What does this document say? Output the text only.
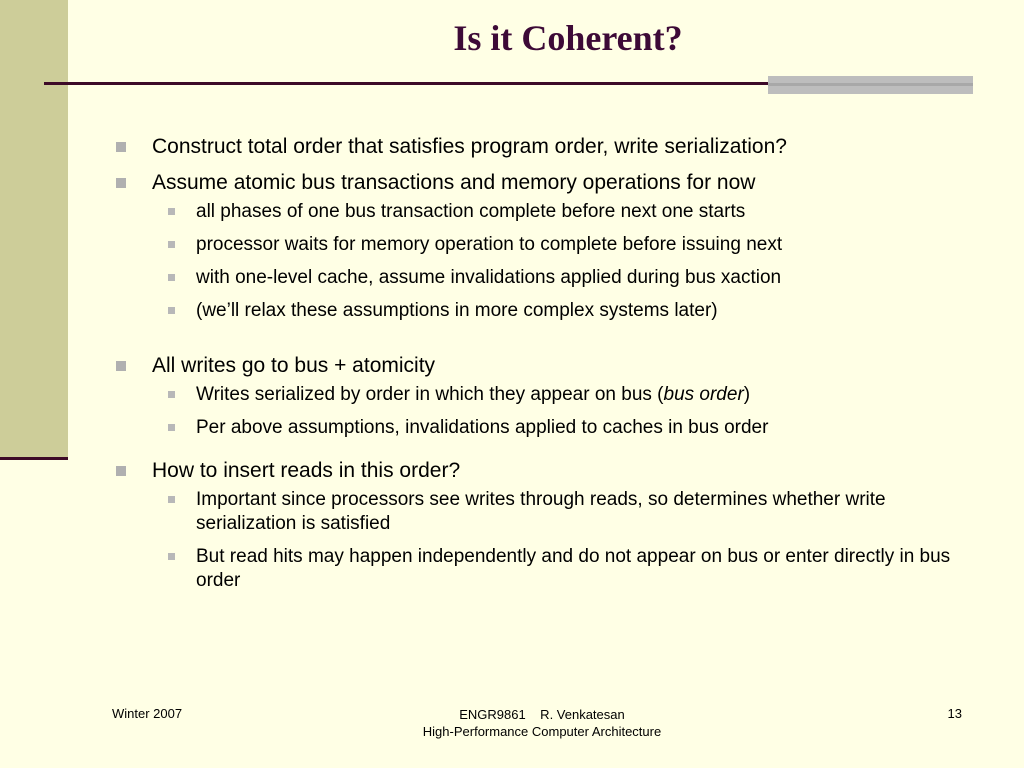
Is it Coherent?
Construct total order that satisfies program order, write serialization?
Assume atomic bus transactions and memory operations for now
all phases of one bus transaction complete before next one starts
processor waits for memory operation to complete before issuing next
with one-level cache, assume invalidations applied during bus xaction
(we’ll relax these assumptions in more complex systems later)
All writes go to bus + atomicity
Writes serialized by order in which they appear on bus (bus order)
Per above assumptions, invalidations applied to caches in bus order
How to insert reads in this order?
Important since processors see writes through reads, so determines whether write serialization is satisfied
But read hits may happen independently and do not appear on bus or enter directly in bus order
Winter 2007	ENGR9861    R. Venkatesan
High-Performance Computer Architecture
13
